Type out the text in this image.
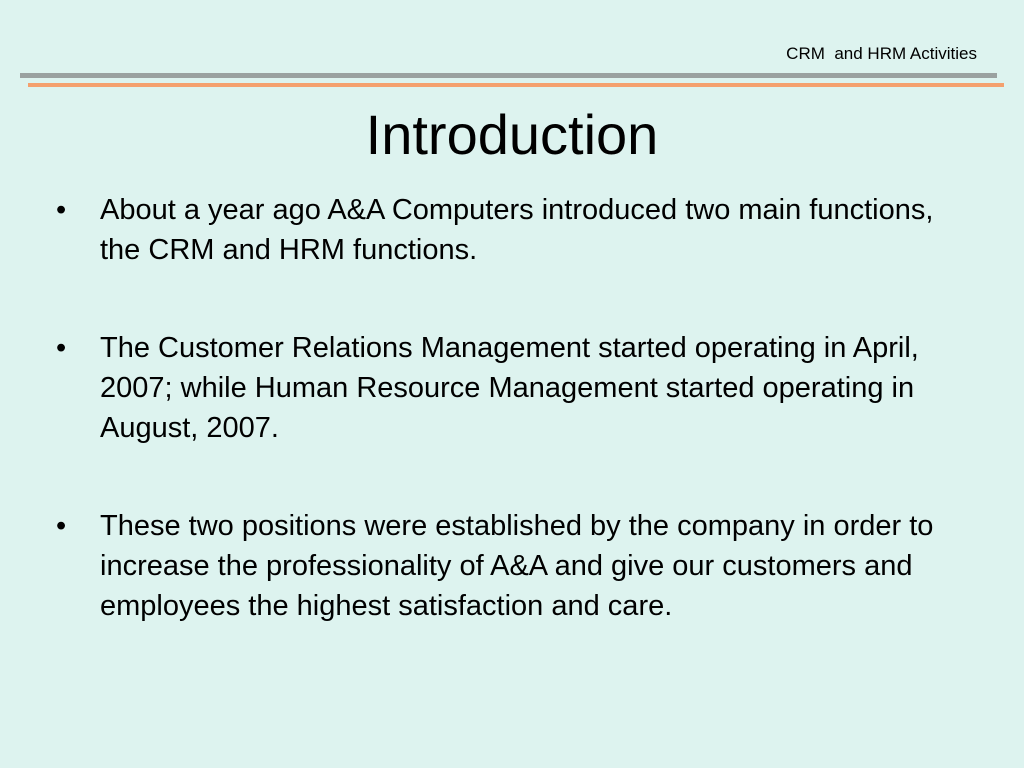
CRM  and HRM Activities
Introduction
•	About a year ago A&A Computers introduced two main functions, the CRM and HRM functions.
•	The Customer Relations Management started operating in April, 2007; while Human Resource Management started operating in August, 2007.
•	These two positions were established by the company in order to increase the professionality of A&A and give our customers and employees the highest satisfaction and care.
